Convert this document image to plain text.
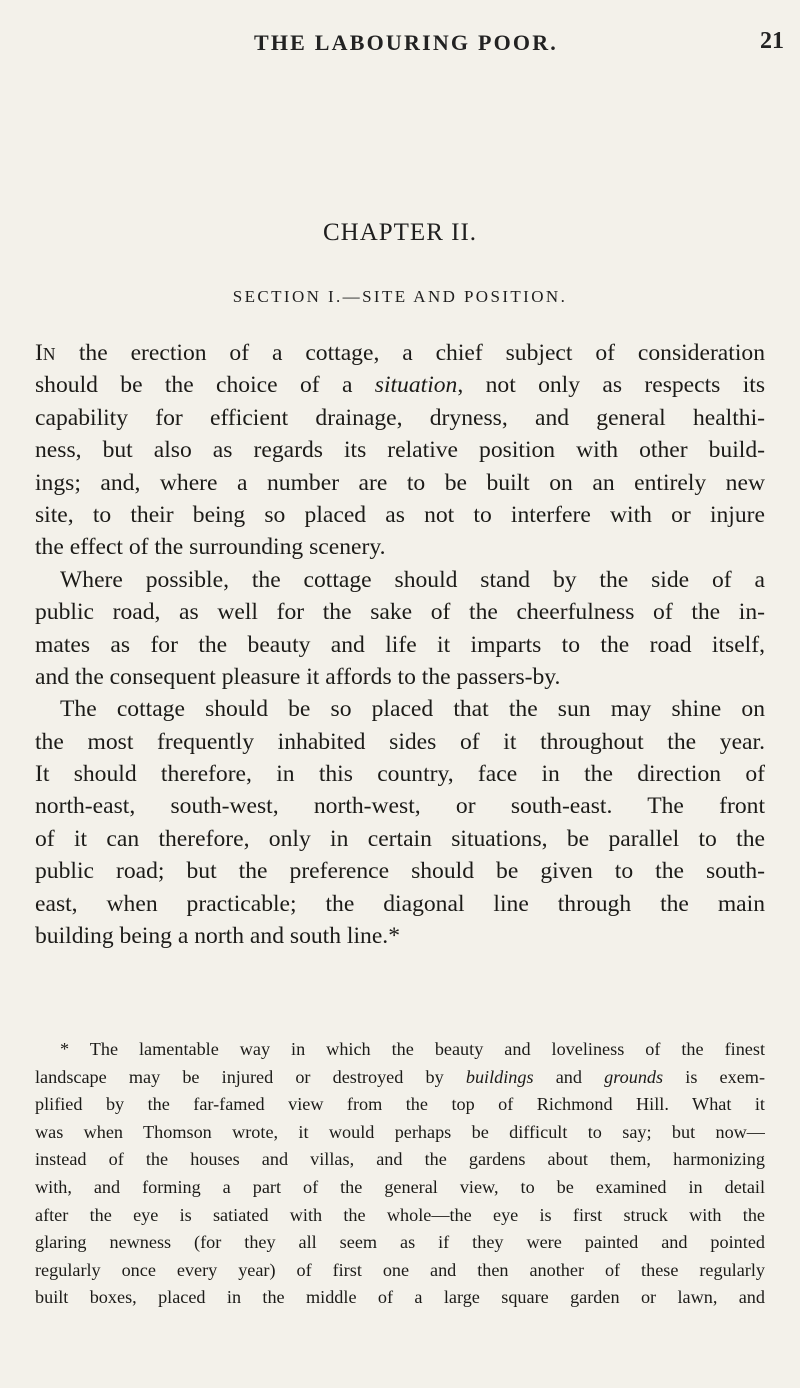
THE LABOURING POOR.	21
CHAPTER II.
SECTION I.—SITE AND POSITION.
IN the erection of a cottage, a chief subject of consideration
should be the choice of a situation, not only as respects its
capability for efficient drainage, dryness, and general healthi-
ness, but also as regards its relative position with other build-
ings; and, where a number are to be built on an entirely new
site, to their being so placed as not to interfere with or injure
the effect of the surrounding scenery.
Where possible, the cottage should stand by the side of a
public road, as well for the sake of the cheerfulness of the in-
mates as for the beauty and life it imparts to the road itself,
and the consequent pleasure it affords to the passers-by.
The cottage should be so placed that the sun may shine on
the most frequently inhabited sides of it throughout the year.
It should therefore, in this country, face in the direction of
north-east, south-west, north-west, or south-east. The front
of it can therefore, only in certain situations, be parallel to the
public road; but the preference should be given to the south-
east, when practicable; the diagonal line through the main
building being a north and south line.*
* The lamentable way in which the beauty and loveliness of the finest
landscape may be injured or destroyed by buildings and grounds is exem-
plified by the far-famed view from the top of Richmond Hill. What it
was when Thomson wrote, it would perhaps be difficult to say; but now—
instead of the houses and villas, and the gardens about them, harmonizing
with, and forming a part of the general view, to be examined in detail
after the eye is satiated with the whole—the eye is first struck with the
glaring newness (for they all seem as if they were painted and pointed
regularly once every year) of first one and then another of these regularly
built boxes, placed in the middle of a large square garden or lawn, and
